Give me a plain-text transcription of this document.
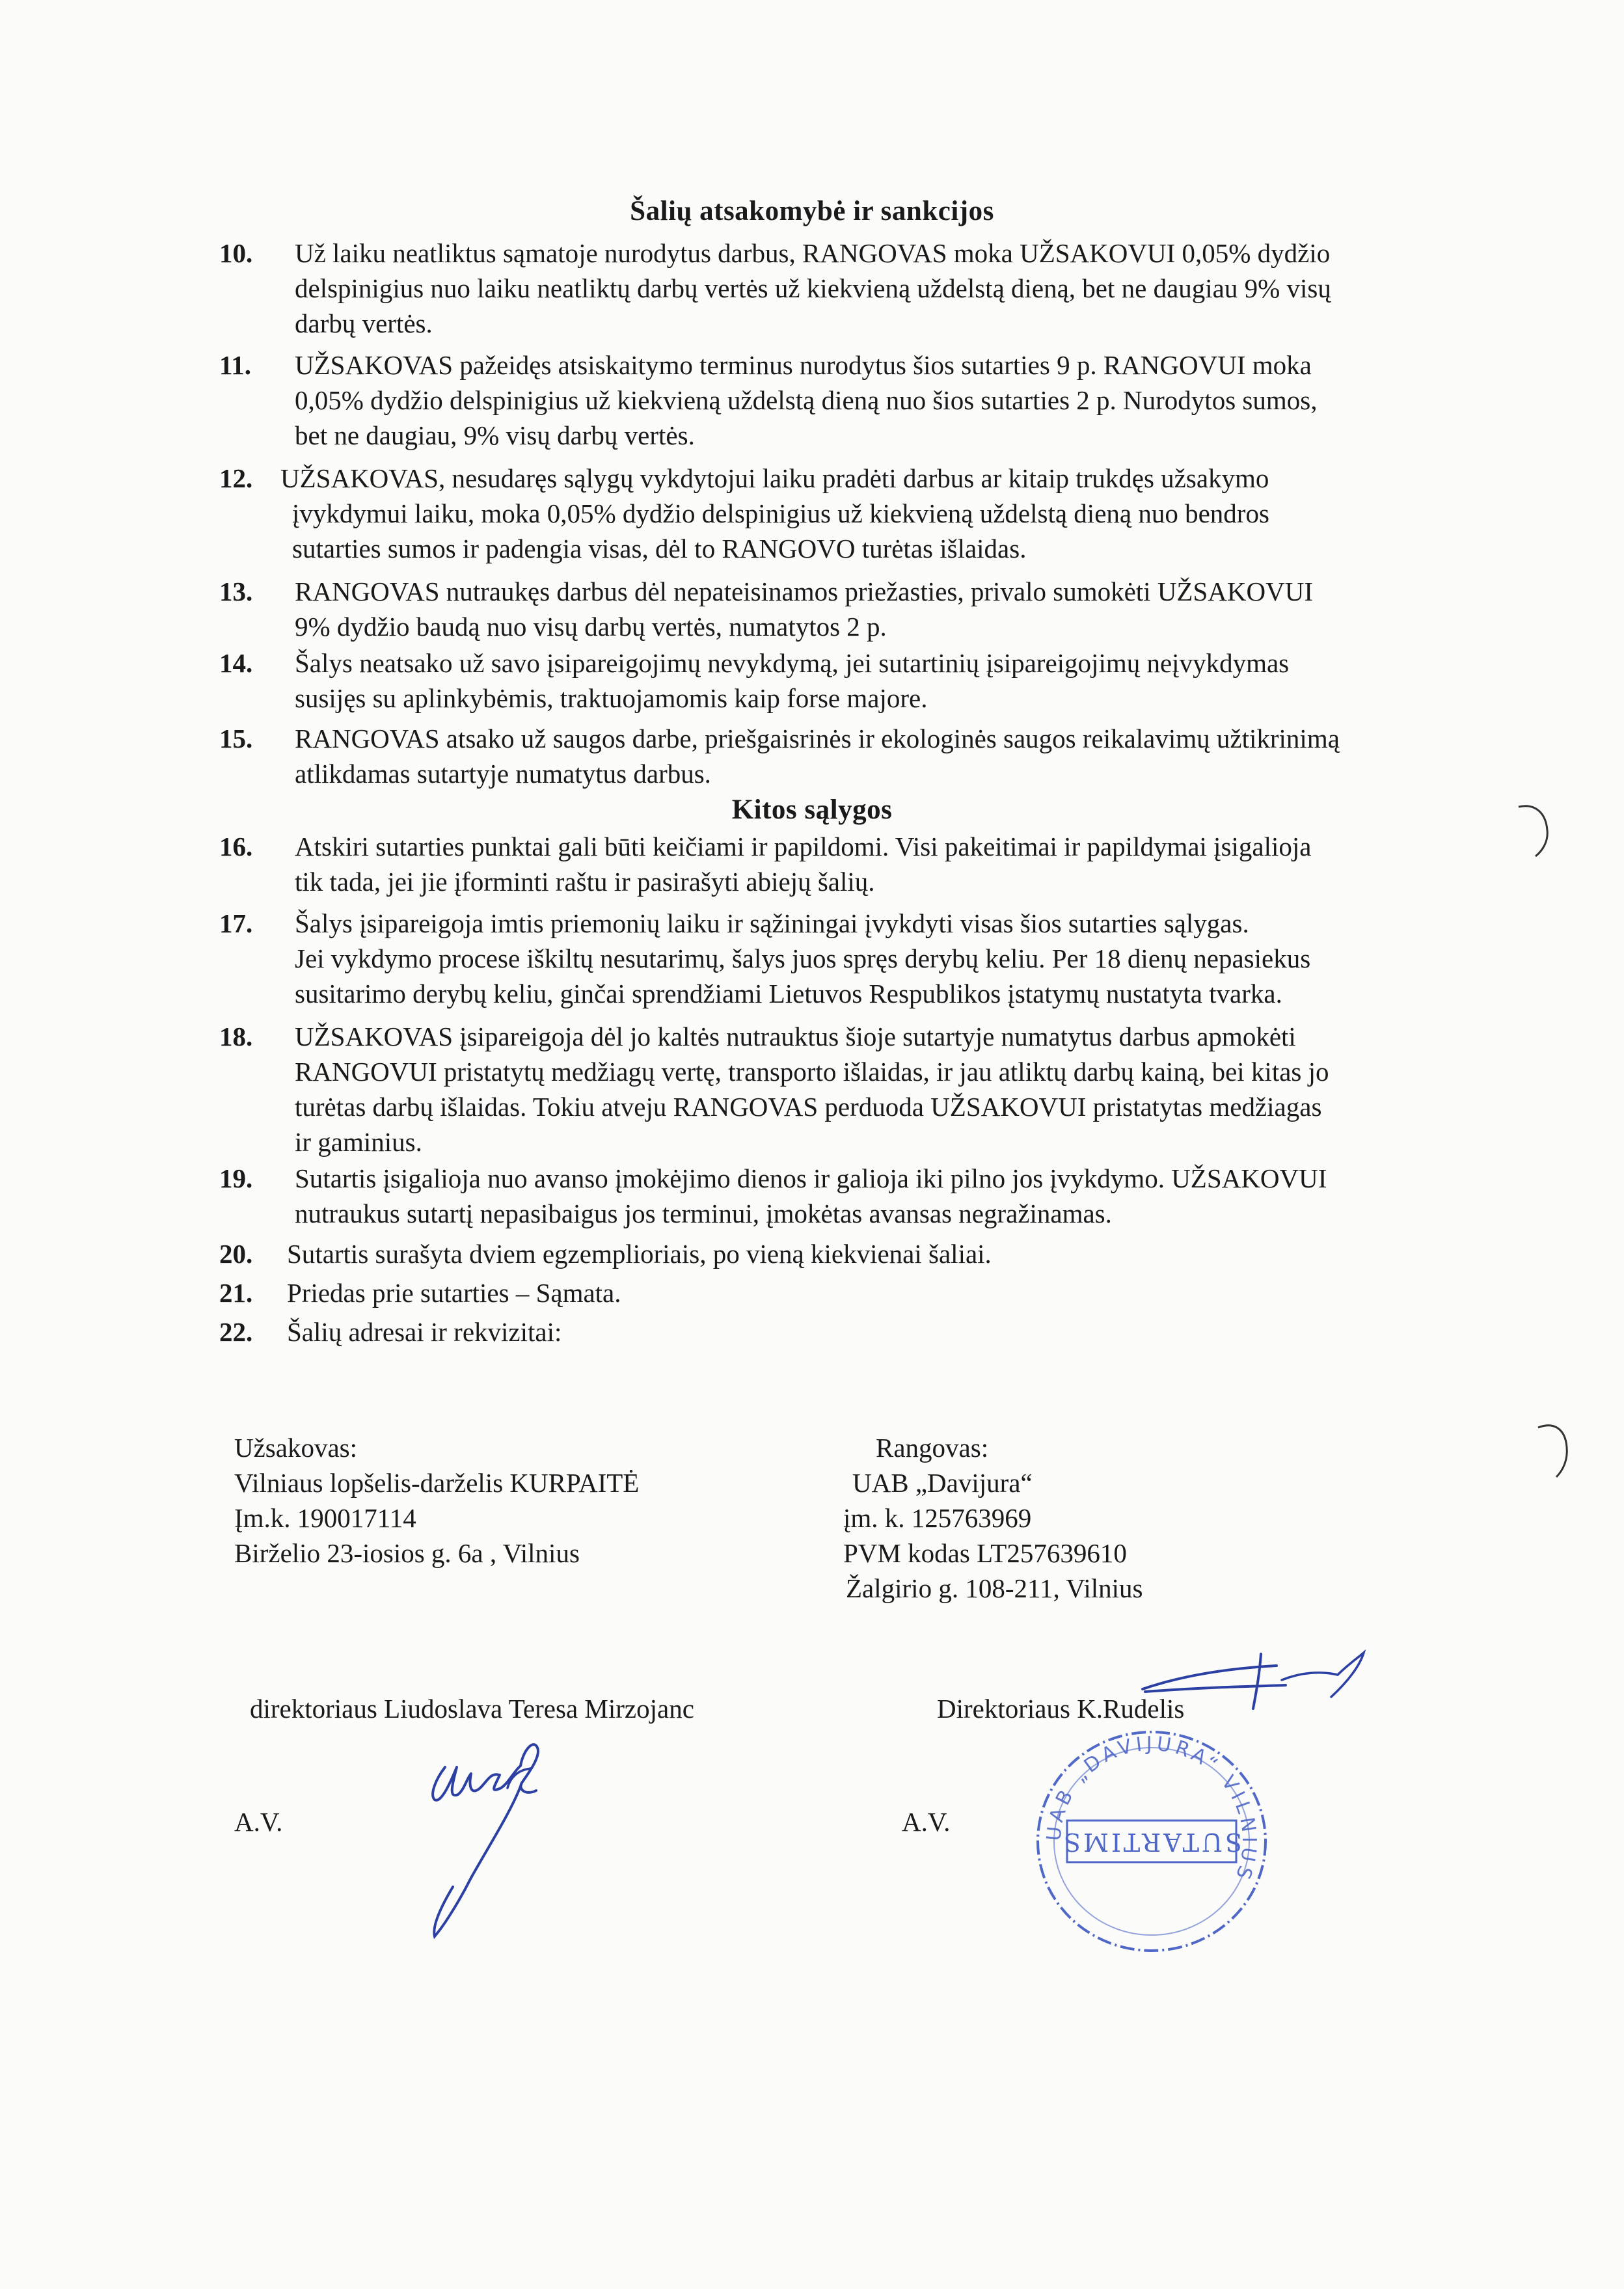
Šalių atsakomybė ir sankcijos
10. Už laiku neatliktus sąmatoje nurodytus darbus, RANGOVAS moka UŽSAKOVUI 0,05% dydžio
delspinigius nuo laiku neatliktų darbų vertės už kiekvieną uždelstą dieną, bet ne daugiau 9% visų
darbų vertės.
11. UŽSAKOVAS pažeidęs atsiskaitymo terminus nurodytus šios sutarties 9 p. RANGOVUI moka
0,05% dydžio delspinigius už kiekvieną uždelstą dieną nuo šios sutarties 2 p. Nurodytos sumos,
bet ne daugiau, 9% visų darbų vertės.
12. UŽSAKOVAS, nesudaręs sąlygų vykdytojui laiku pradėti darbus ar kitaip trukdęs užsakymo
įvykdymui laiku, moka 0,05% dydžio delspinigius už kiekvieną uždelstą dieną nuo bendros
sutarties sumos ir padengia visas, dėl to RANGOVO turėtas išlaidas.
13. RANGOVAS nutraukęs darbus dėl nepateisinamos priežasties, privalo sumokėti UŽSAKOVUI
9% dydžio baudą nuo visų darbų vertės, numatytos 2 p.
14. Šalys neatsako už savo įsipareigojimų nevykdymą, jei sutartinių įsipareigojimų neįvykdymas
susijęs su aplinkybėmis, traktuojamomis kaip forse majore.
15. RANGOVAS atsako už saugos darbe, priešgaisrinės ir ekologinės saugos reikalavimų užtikrinimą
atlikdamas sutartyje numatytus darbus.
Kitos sąlygos
16. Atskiri sutarties punktai gali būti keičiami ir papildomi. Visi pakeitimai ir papildymai įsigalioja
tik tada, jei jie įforminti raštu ir pasirašyti abiejų šalių.
17. Šalys įsipareigoja imtis priemonių laiku ir sąžiningai įvykdyti visas šios sutarties sąlygas.
Jei vykdymo procese iškiltų nesutarimų, šalys juos spręs derybų keliu. Per 18 dienų nepasiekus
susitarimo derybų keliu, ginčai sprendžiami Lietuvos Respublikos įstatymų nustatyta tvarka.
18. UŽSAKOVAS įsipareigoja dėl jo kaltės nutrauktus šioje sutartyje numatytus darbus apmokėti
RANGOVUI pristatytų medžiagų vertę, transporto išlaidas, ir jau atliktų darbų kainą, bei kitas jo
turėtas darbų išlaidas. Tokiu atveju RANGOVAS perduoda UŽSAKOVUI pristatytas medžiagas
ir gaminius.
19. Sutartis įsigalioja nuo avanso įmokėjimo dienos ir galioja iki pilno jos įvykdymo. UŽSAKOVUI
nutraukus sutartį nepasibaigus jos terminui, įmokėtas avansas negražinamas.
20. Sutartis surašyta dviem egzemplioriais, po vieną kiekvienai šaliai.
21. Priedas prie sutarties – Sąmata.
22. Šalių adresai ir rekvizitai:
Užsakovas:
Vilniaus lopšelis-darželis KURPAITĖ
Įm.k. 190017114
Birželio 23-iosios g. 6a , Vilnius
Rangovas:
UAB „Davijura“
įm. k. 125763969
PVM kodas LT257639610
Žalgirio g. 108-211, Vilnius
direktoriaus Liudoslava Teresa Mirzojanc	Direktoriaus K.Rudelis
A.V.	A.V.	UAB „DAVIJURA“ VILNIUS
SUTARTIMS
